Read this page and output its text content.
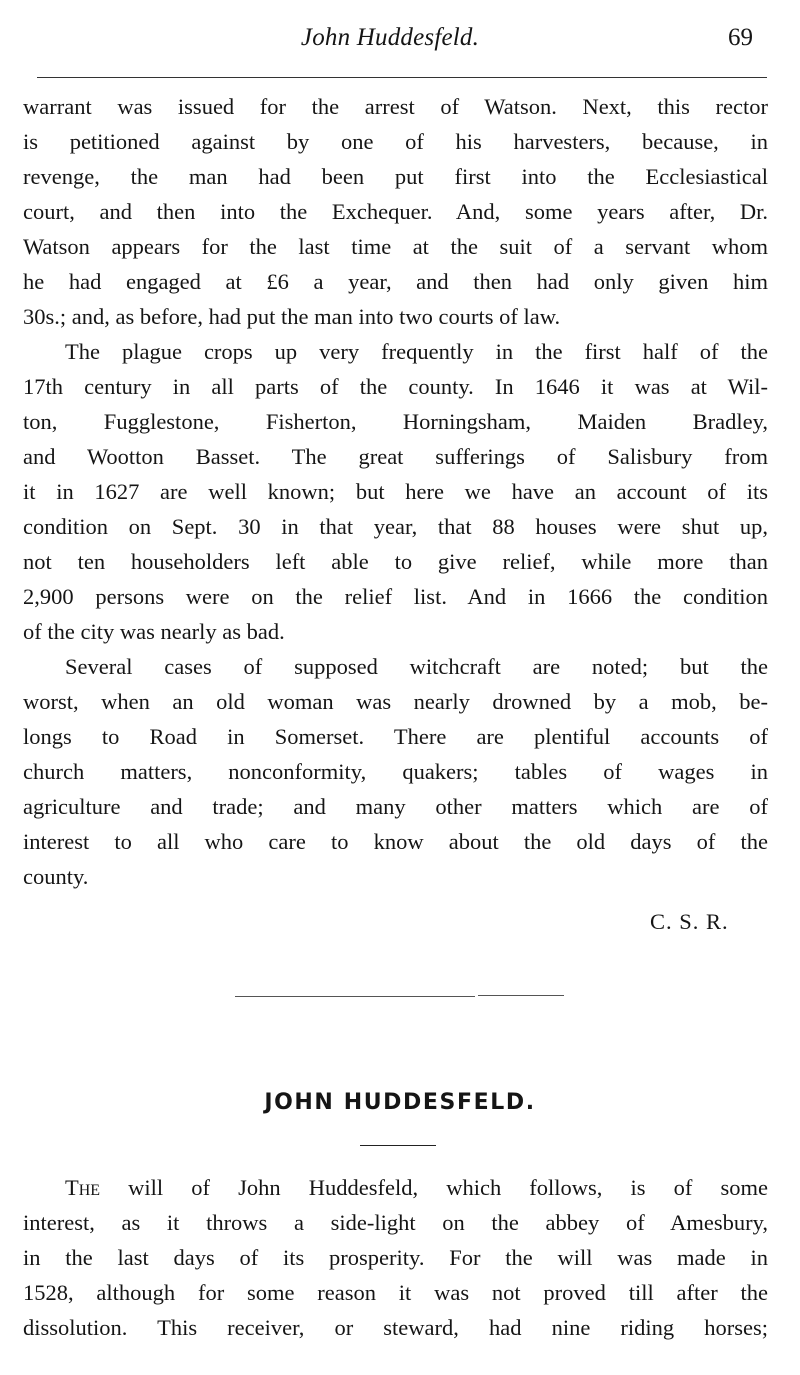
John Huddesfeld.	69
warrant was issued for the arrest of Watson. Next, this rector
is petitioned against by one of his harvesters, because, in
revenge, the man had been put first into the Ecclesiastical
court, and then into the Exchequer. And, some years after, Dr.
Watson appears for the last time at the suit of a servant whom
he had engaged at £6 a year, and then had only given him
30s.; and, as before, had put the man into two courts of law.
The plague crops up very frequently in the first half of the
17th century in all parts of the county. In 1646 it was at Wil-
ton, Fugglestone, Fisherton, Horningsham, Maiden Bradley,
and Wootton Basset. The great sufferings of Salisbury from
it in 1627 are well known; but here we have an account of its
condition on Sept. 30 in that year, that 88 houses were shut up,
not ten householders left able to give relief, while more than
2,900 persons were on the relief list. And in 1666 the condition
of the city was nearly as bad.
Several cases of supposed witchcraft are noted; but the
worst, when an old woman was nearly drowned by a mob, be-
longs to Road in Somerset. There are plentiful accounts of
church matters, nonconformity, quakers; tables of wages in
agriculture and trade; and many other matters which are of
interest to all who care to know about the old days of the
county.
C. S. R.
JOHN HUDDESFELD.
The will of John Huddesfeld, which follows, is of some
interest, as it throws a side-light on the abbey of Amesbury,
in the last days of its prosperity. For the will was made in
1528, although for some reason it was not proved till after the
dissolution. This receiver, or steward, had nine riding horses;
